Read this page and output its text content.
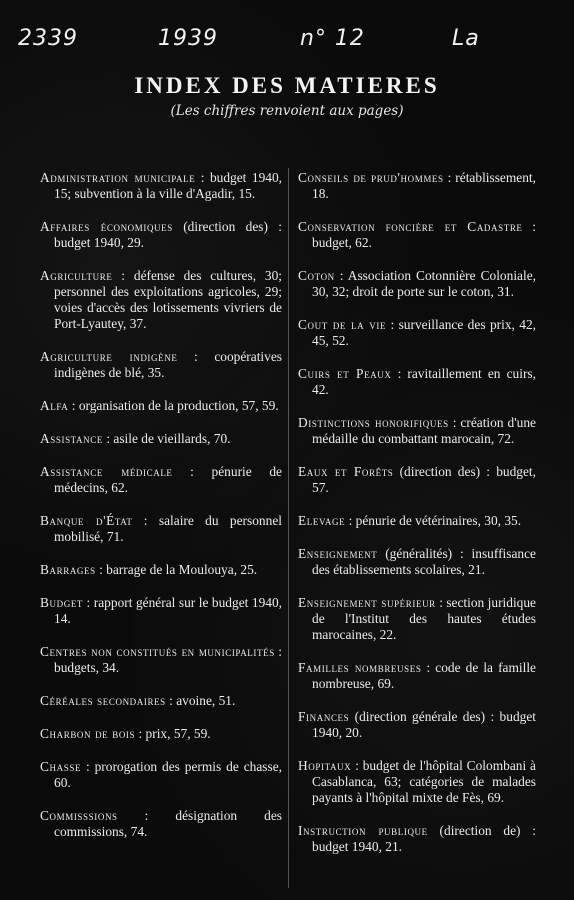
2339	1939	n° 12	La
INDEX DES MATIERES
(Les chiffres renvoient aux pages)

Administration municipale : budget 1940, 15; subvention à la ville d'Agadir, 15.

Affaires économiques (direction des) : budget 1940, 29.

Agriculture : défense des cultures, 30; personnel des exploitations agricoles, 29; voies d'accès des lotissements vivriers de Port-Lyautey, 37.

Agriculture indigène : coopératives indigènes de blé, 35.

Alfa : organisation de la production, 57, 59.

Assistance : asile de vieillards, 70.

Assistance médicale : pénurie de médecins, 62.

Banque d'État : salaire du personnel mobilisé, 71.

Barrages : barrage de la Moulouya, 25.

Budget : rapport général sur le budget 1940, 14.

Centres non constitués en municipalités : budgets, 34.

Céréales secondaires : avoine, 51.

Charbon de bois : prix, 57, 59.

Chasse : prorogation des permis de chasse, 60.

Commisssions : désignation des commissions, 74.

Conseils de prud'hommes : rétablissement, 18.

Conservation foncière et Cadastre : budget, 62.

Coton : Association Cotonnière Coloniale, 30, 32; droit de porte sur le coton, 31.

Cout de la vie : surveillance des prix, 42, 45, 52.

Cuirs et Peaux : ravitaillement en cuirs, 42.

Distinctions honorifiques : création d'une médaille du combattant marocain, 72.

Eaux et Forêts (direction des) : budget, 57.

Elevage : pénurie de vétérinaires, 30, 35.

Enseignement (généralités) : insuffisance des établissements scolaires, 21.

Enseignement supérieur : section juridique de l'Institut des hautes études marocaines, 22.

Familles nombreuses : code de la famille nombreuse, 69.

Finances (direction générale des) : budget 1940, 20.

Hopitaux : budget de l'hôpital Colombani à Casablanca, 63; catégories de malades payants à l'hôpital mixte de Fès, 69.

Instruction publique (direction de) : budget 1940, 21.
